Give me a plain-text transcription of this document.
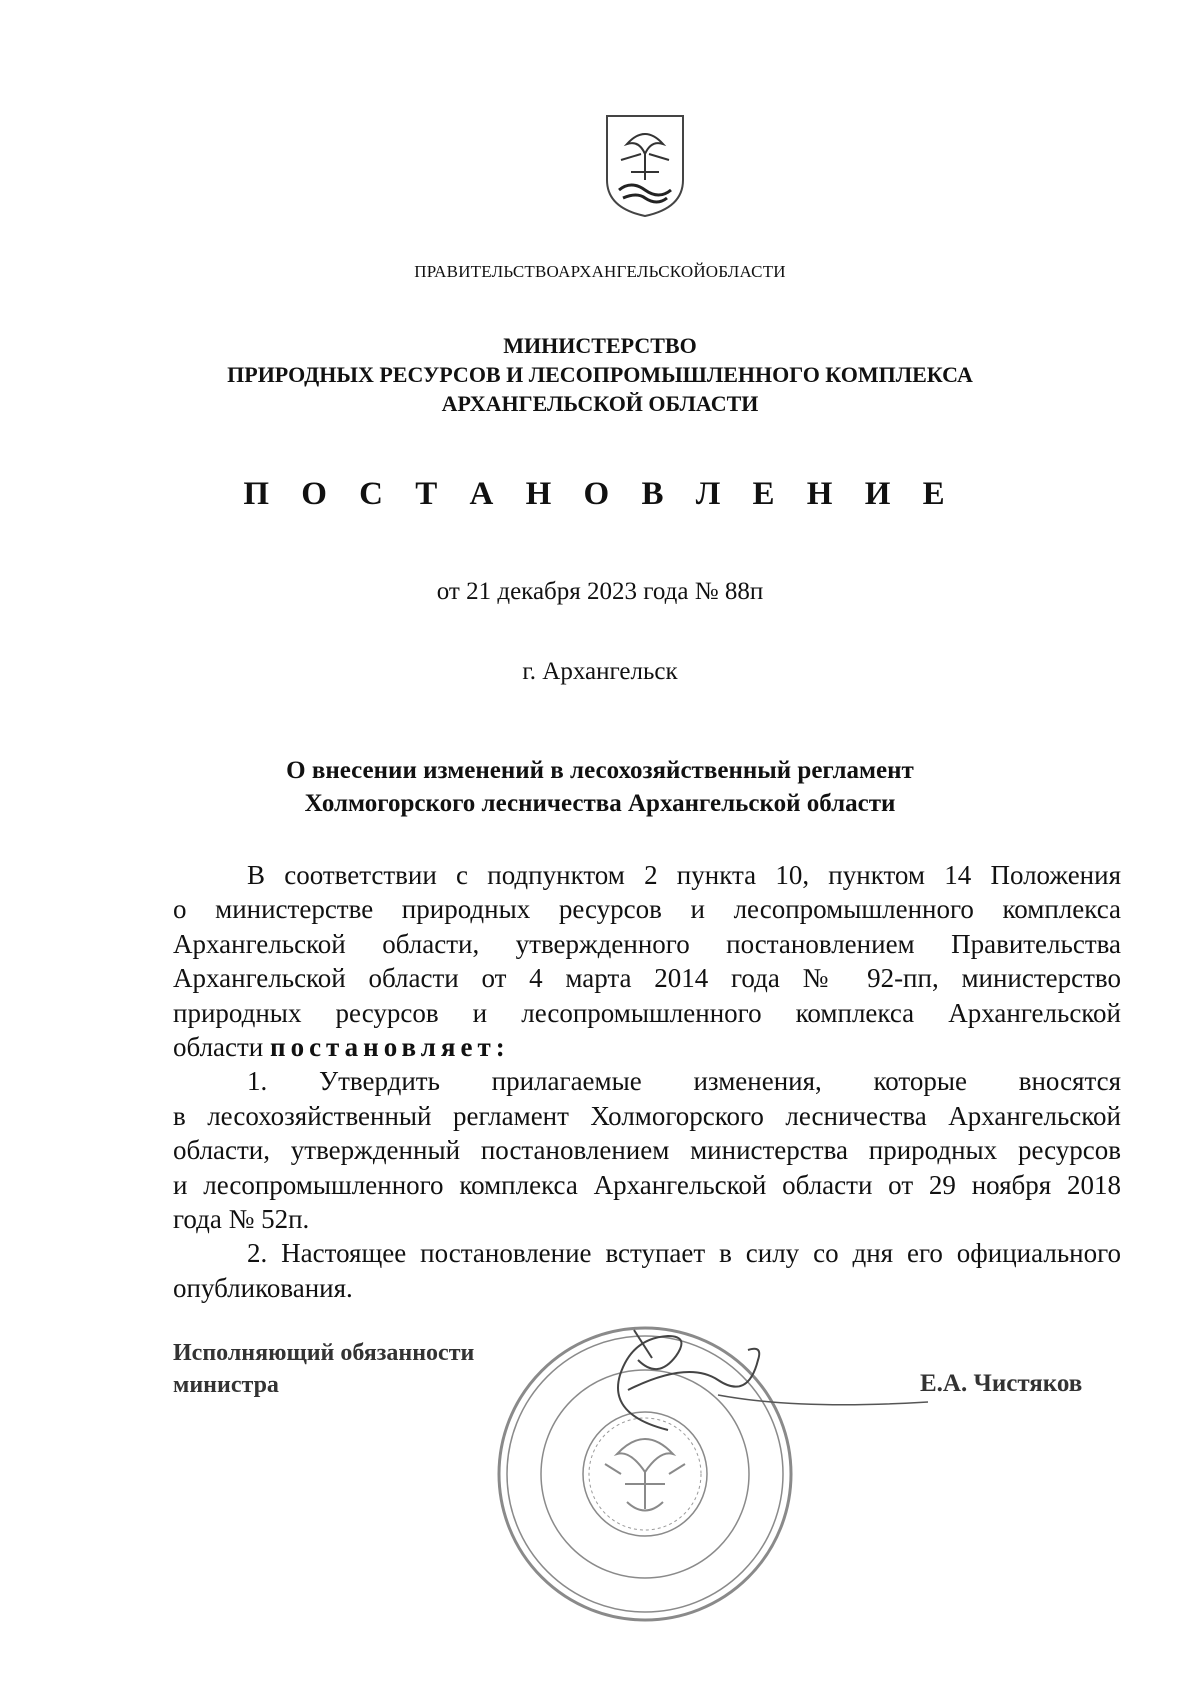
ПРАВИТЕЛЬСТВОАРХАНГЕЛЬСКОЙОБЛАСТИ
МИНИСТЕРСТВО
ПРИРОДНЫХ РЕСУРСОВ И ЛЕСОПРОМЫШЛЕННОГО КОМПЛЕКСА
АРХАНГЕЛЬСКОЙ ОБЛАСТИ
П О С Т А Н О В Л Е Н И Е
от 21 декабря 2023 года № 88п
г. Архангельск
О внесении изменений в лесохозяйственный регламент
Холмогорского лесничества Архангельской области
В соответствии с подпунктом 2 пункта 10, пунктом 14 Положения
о министерстве природных ресурсов и лесопромышленного комплекса
Архангельской области, утвержденного постановлением Правительства
Архангельской области от 4 марта 2014 года № 92-пп, министерство
природных ресурсов и лесопромышленного комплекса Архангельской
области постановляет:
1. Утвердить прилагаемые изменения, которые вносятся
в лесохозяйственный регламент Холмогорского лесничества Архангельской
области, утвержденный постановлением министерства природных ресурсов
и лесопромышленного комплекса Архангельской области от 29 ноября 2018
года № 52п.
2. Настоящее постановление вступает в силу со дня его официального
опубликования.
Исполняющий обязанности
министра	Е.А. Чистяков
